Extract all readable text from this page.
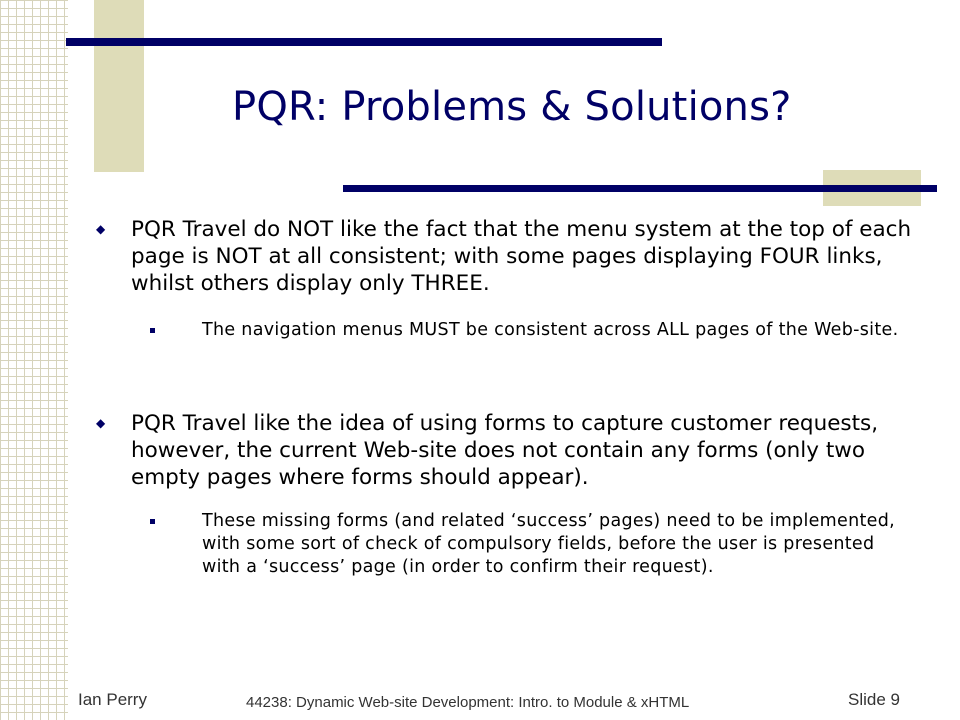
PQR: Problems & Solutions?
◆ PQR Travel do NOT like the fact that the menu system at the top of each page is NOT at all consistent; with some pages displaying FOUR links, whilst others display only THREE.
The navigation menus MUST be consistent across ALL pages of the Web-site.
◆ PQR Travel like the idea of using forms to capture customer requests, however, the current Web-site does not contain any forms (only two empty pages where forms should appear).
These missing forms (and related ‘success’ pages) need to be implemented, with some sort of check of compulsory fields, before the user is presented with a ‘success’ page (in order to confirm their request).
Ian Perry	44238: Dynamic Web-site Development: Intro. to Module & xHTML	Slide 9
